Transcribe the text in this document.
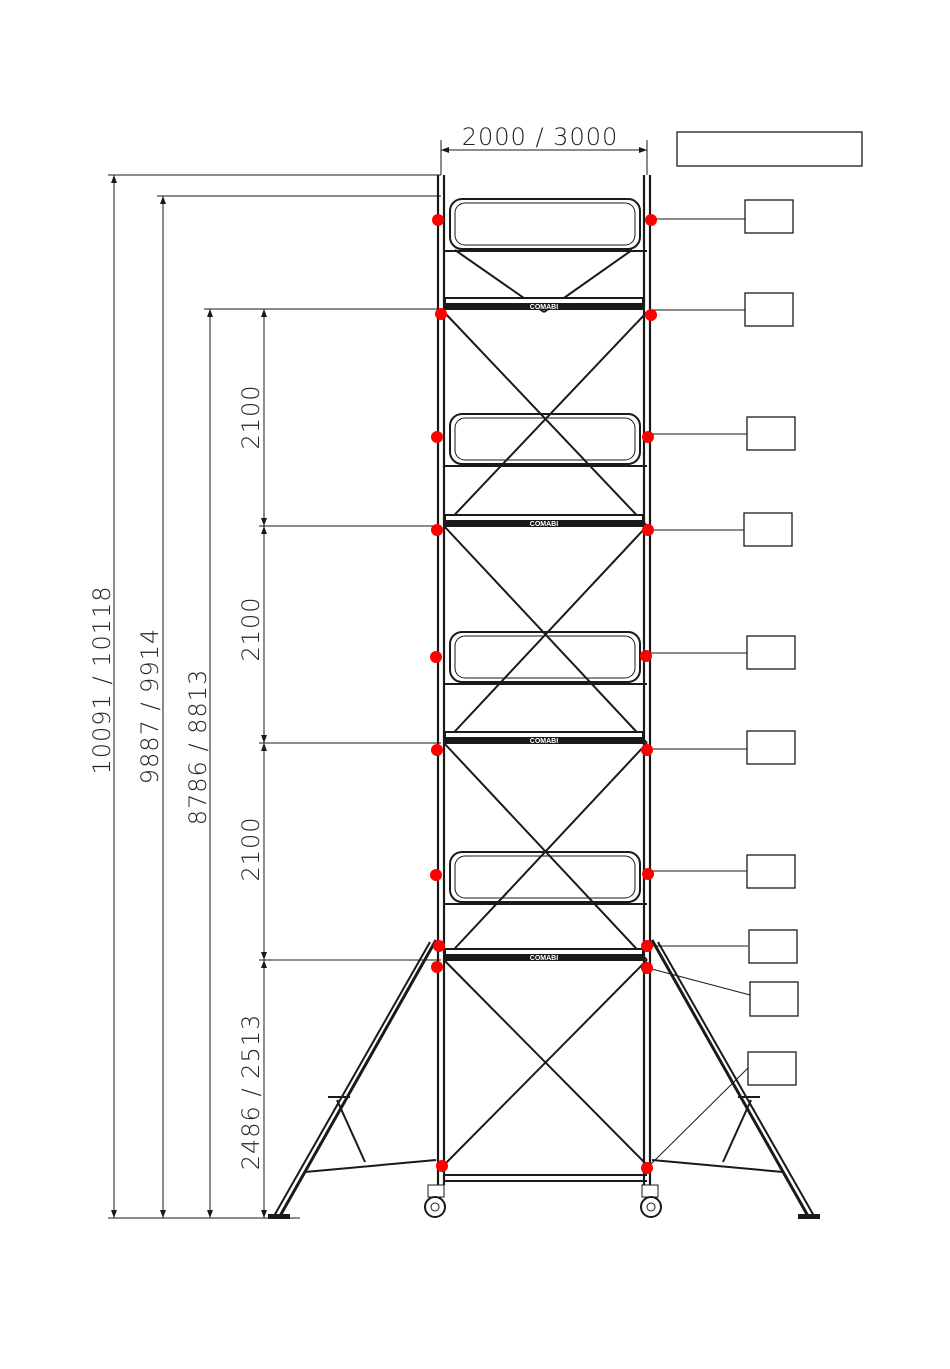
2000 / 3000
10091 / 10118 9887 / 9914 8786 / 8813
2100
2100
2100
2486 / 2513
COMABI
COMABI
COMABI
COMABI
